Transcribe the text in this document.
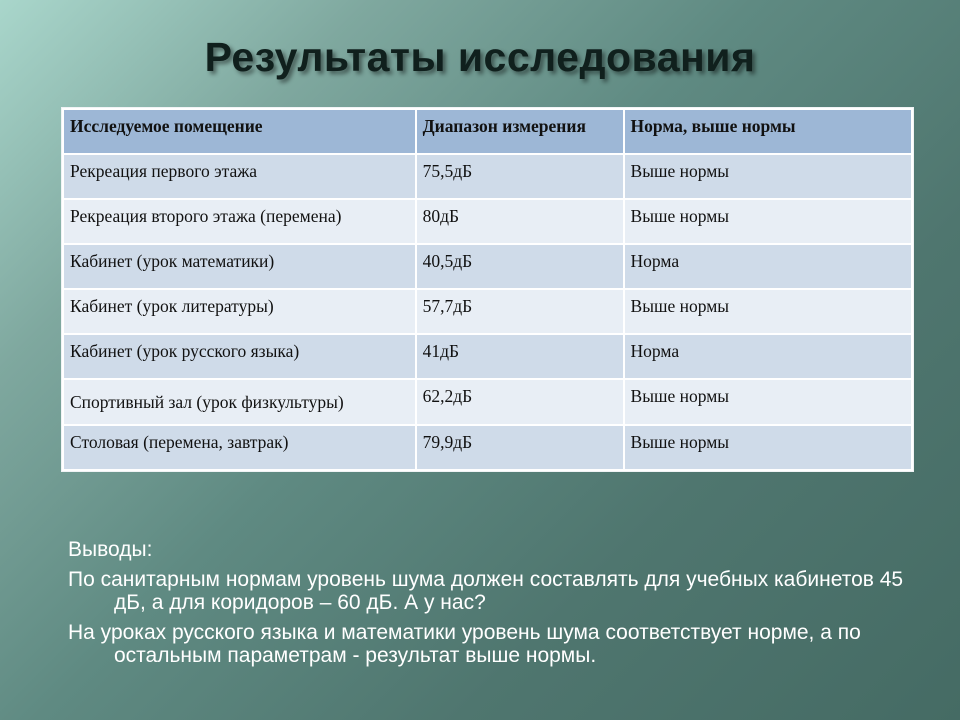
Результаты исследования
Исследуемое помещение	Диапазон измерения	Норма, выше нормы
Рекреация первого этажа	75,5дБ	Выше нормы
Рекреация второго этажа (перемена)	80дБ	Выше нормы
Кабинет (урок математики)	40,5дБ	Норма
Кабинет (урок литературы)	57,7дБ	Выше нормы
Кабинет (урок русского языка)	41дБ	Норма
Спортивный зал (урок физкультуры)	62,2дБ	Выше нормы
Столовая (перемена, завтрак)	79,9дБ	Выше нормы

Выводы:

По санитарным нормам уровень шума должен составлять для учебных кабинетов 45 дБ, а для коридоров – 60 дБ. А у нас?

На уроках русского языка и математики уровень шума соответствует норме, а по остальным параметрам - результат выше нормы.
